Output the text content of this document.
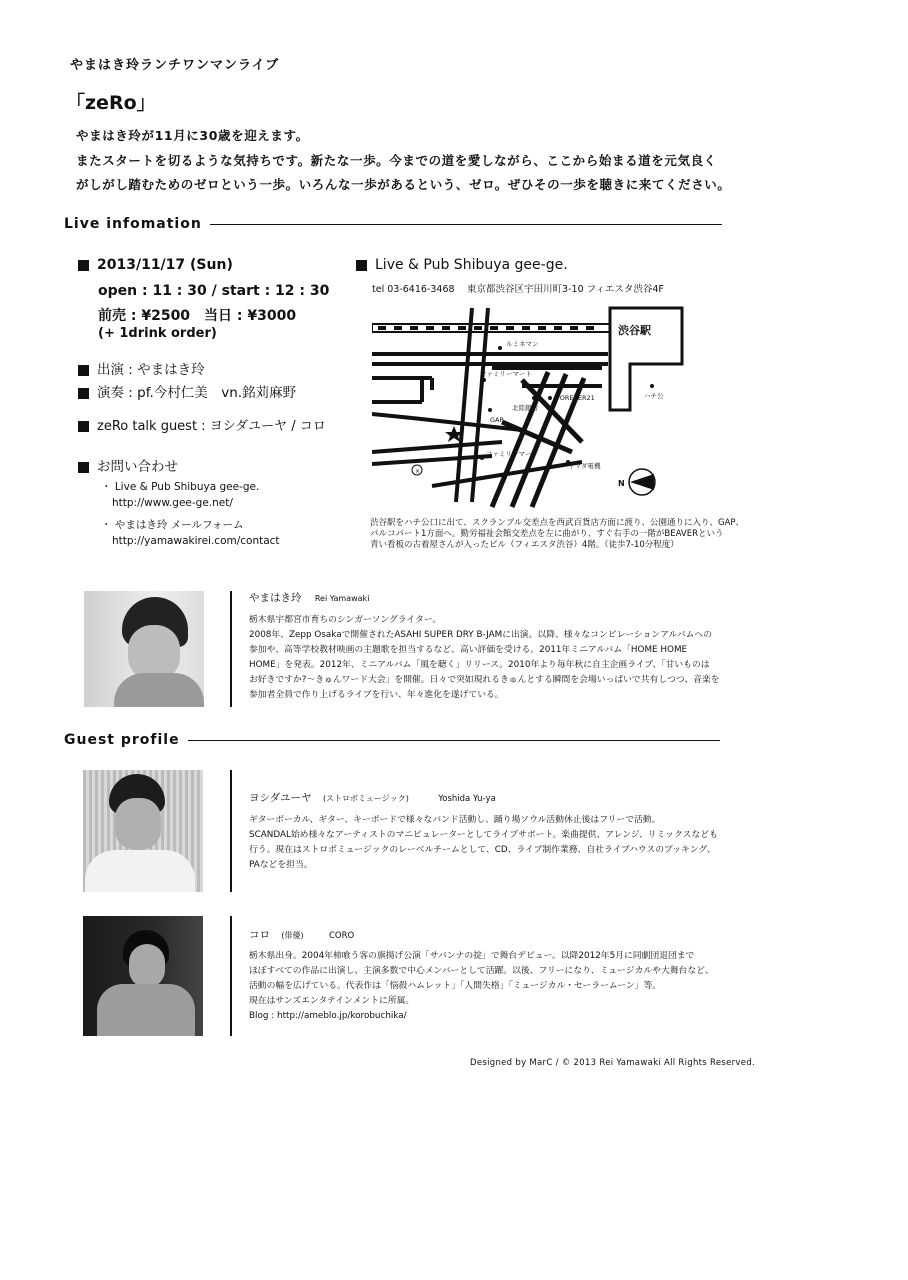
やまはき玲ランチワンマンライブ
「zeRo」
やまはき玲が11月に30歳を迎えます。
またスタートを切るような気持ちです。新たな一歩。今までの道を愛しながら、ここから始まる道を元気良く
がしがし踏むためのゼロという一歩。いろんな一歩があるという、ゼロ。ぜひその一歩を聴きに来てください。
Live infomation
2013/11/17 (Sun)
open : 11 : 30 / start : 12 : 30
前売 : ¥2500　当日 : ¥3000
(+ 1drink order)
出演 : やまはき玲
演奏 : pf.今村仁美　vn.銘苅麻野
zeRo talk guest : ヨシダユーヤ / コロ
お問い合わせ
・ Live & Pub Shibuya gee-ge.
http://www.gee-ge.net/
・ やまはき玲 メールフォーム
http://yamawakirei.com/contact
Live & Pub Shibuya gee-ge.
tel 03-6416-3468　 東京都渋谷区宇田川町3-10 フィエスタ渋谷4F
×
渋谷駅
ハチ公
ルミネマン
ファミリーマート
北陸銀行
FOREVER21
GAP
ファミリーマート
ヤマダ電機
N
渋谷駅をハチ公口に出て、スクランブル交差点を西武百貨店方面に渡り、公園通りに入り、GAP、
パルコパート1方面へ。勤労福祉会館交差点を左に曲がり、すぐ右手の一階がBEAVERという
青い看板の古着屋さんが入ったビル（フィエスタ渋谷）4階。（徒歩7-10分程度）
やまはき玲 Rei Yamawaki
栃木県宇都宮市育ちのシンガーソングライター。
2008年、Zepp Osakaで開催されたASAHI SUPER DRY B-JAMに出演。以降、様々なコンピレーションアルバムへの
参加や、高等学校教材映画の主題歌を担当するなど、高い評価を受ける。2011年ミニアルバム「HOME HOME
HOME」を発表。2012年、ミニアルバム「風を聴く」リリース。2010年より毎年秋に自主企画ライブ、「甘いものは
お好きですか?～きゅんワード大会」を開催。日々で突如現れるきゅんとする瞬間を会場いっぱいで共有しつつ、音楽を
参加者全員で作り上げるライブを行い、年々進化を遂げている。
Guest profile
ヨシダユーヤ (ストロボミュージック)	Yoshida Yu-ya
ギターボーカル、ギター、キーボードで様々なバンド活動し、踊り場ソウル活動休止後はフリーで活動。
SCANDAL始め様々なアーティストのマニピュレーターとしてライブサポート。楽曲提供、アレンジ、リミックスなども
行う。現在はストロボミュージックのレーベルチームとして、CD、ライブ制作業務、自社ライブハウスのブッキング、
PAなどを担当。
コロ (俳優)	CORO
栃木県出身。2004年柿喰う客の旗揚げ公演「サバンナの掟」で舞台デビュー。以降2012年5月に同劇団退団まで
ほぼすべての作品に出演し、主演多数で中心メンバーとして活躍。以後、フリーになり、ミュージカルや大舞台など、
活動の幅を広げている。代表作は「悩殺ハムレット」「人間失格」「ミュージカル・セーラームーン」等。
現在はサンズエンタテインメントに所属。
Blog : http://ameblo.jp/korobuchika/
Designed by MarC / © 2013 Rei Yamawaki All Rights Reserved.
